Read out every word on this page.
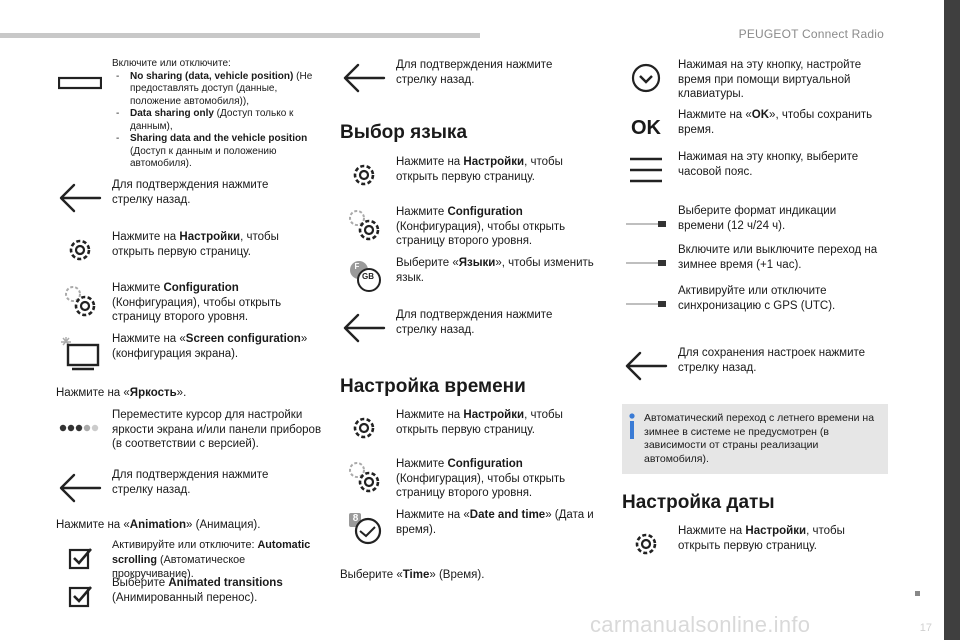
PEUGEOT Connect Radio
17
carmanualsonline.info
Включите или отключите:
- No sharing (data, vehicle position) (Не предоставлять доступ (данные, положение автомобиля)),
- Data sharing only (Доступ только к данным),
- Sharing data and the vehicle position (Доступ к данным и положению автомобиля).
Для подтверждения нажмите стрелку назад.
Нажмите на Настройки, чтобы открыть первую страницу.
Нажмите Configuration (Конфигурация), чтобы открыть страницу второго уровня.
Нажмите на «Screen configuration» (конфигурация экрана).
Нажмите на «Яркость».
Переместите курсор для настройки яркости экрана и/или панели приборов (в соответствии с версией).
Для подтверждения нажмите стрелку назад.
Нажмите на «Animation» (Анимация).
Активируйте или отключите: Automatic scrolling (Автоматическое прокручивание).
Выберите Animated transitions (Анимированный перенос).
Для подтверждения нажмите стрелку назад.
Выбор языка
Нажмите на Настройки, чтобы открыть первую страницу.
Нажмите Configuration (Конфигурация), чтобы открыть страницу второго уровня.
F
GB
Выберите «Языки», чтобы изменить язык.
Для подтверждения нажмите стрелку назад.
Настройка времени
Нажмите на Настройки, чтобы открыть первую страницу.
Нажмите Configuration (Конфигурация), чтобы открыть страницу второго уровня.
8	Нажмите на «Date and time» (Дата и время).
Выберите «Time» (Время).
Нажимая на эту кнопку, настройте время при помощи виртуальной клавиатуры.
OK
Нажмите на «OK», чтобы сохранить время.
Нажимая на эту кнопку, выберите часовой пояс.
Выберите формат индикации времени (12 ч/24 ч).
Включите или выключите переход на зимнее время (+1 час).
Активируйте или отключите синхронизацию с GPS (UTC).
Для сохранения настроек нажмите стрелку назад.
Автоматический переход с летнего времени на зимнее в системе не предусмотрен (в зависимости от страны реализации автомобиля).
Настройка даты
Нажмите на Настройки, чтобы открыть первую страницу.
